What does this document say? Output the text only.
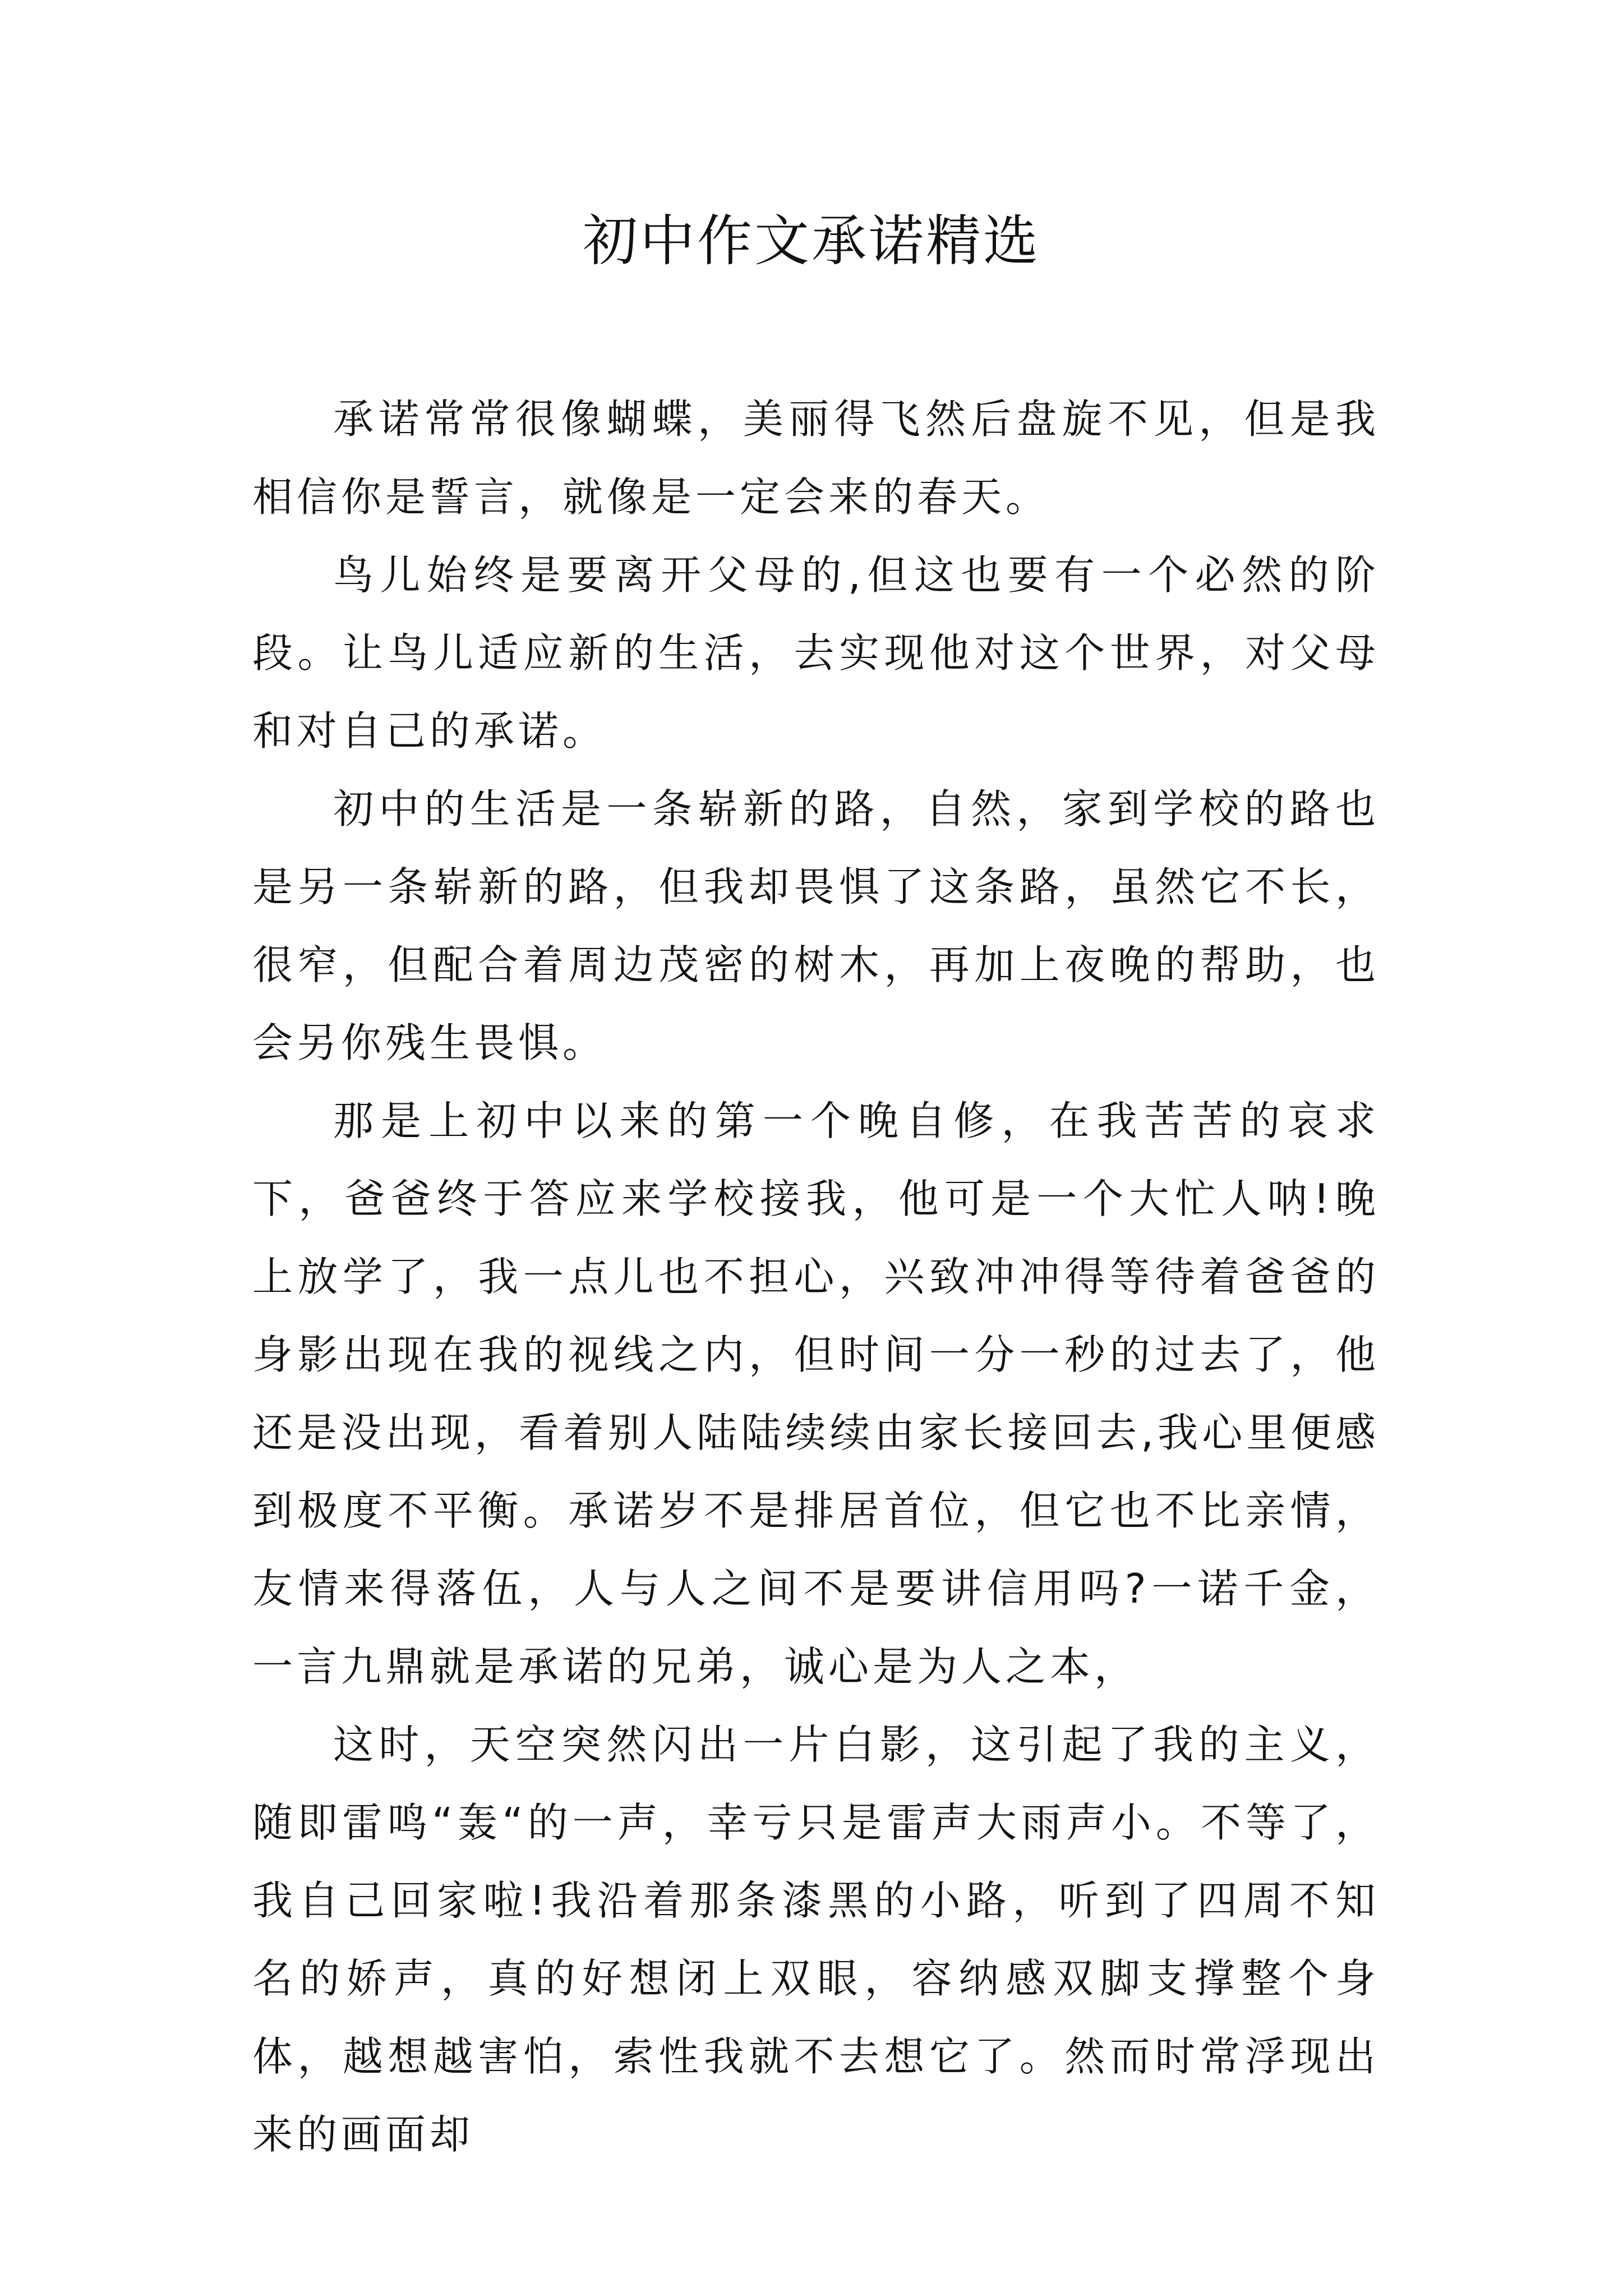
初中作文承诺精选

承诺常常很像蝴蝶，美丽得飞然后盘旋不见，但是我相信你是誓言，就像是一定会来的春天。

鸟儿始终是要离开父母的,但这也要有一个必然的阶段。让鸟儿适应新的生活，去实现他对这个世界，对父母和对自己的承诺。

初中的生活是一条崭新的路，自然，家到学校的路也是另一条崭新的路，但我却畏惧了这条路，虽然它不长，很窄，但配合着周边茂密的树木，再加上夜晚的帮助，也会另你残生畏惧。

那是上初中以来的第一个晚自修，在我苦苦的哀求下，爸爸终于答应来学校接我，他可是一个大忙人呐!晚上放学了，我一点儿也不担心，兴致冲冲得等待着爸爸的身影出现在我的视线之内，但时间一分一秒的过去了，他还是没出现，看着别人陆陆续续由家长接回去,我心里便感到极度不平衡。承诺岁不是排居首位，但它也不比亲情，友情来得落伍，人与人之间不是要讲信用吗?一诺千金，一言九鼎就是承诺的兄弟，诚心是为人之本，

这时，天空突然闪出一片白影，这引起了我的主义，随即雷鸣“轰“的一声，幸亏只是雷声大雨声小。不等了，我自己回家啦!我沿着那条漆黑的小路，听到了四周不知名的娇声，真的好想闭上双眼，容纳感双脚支撑整个身体，越想越害怕，索性我就不去想它了。然而时常浮现出来的画面却
